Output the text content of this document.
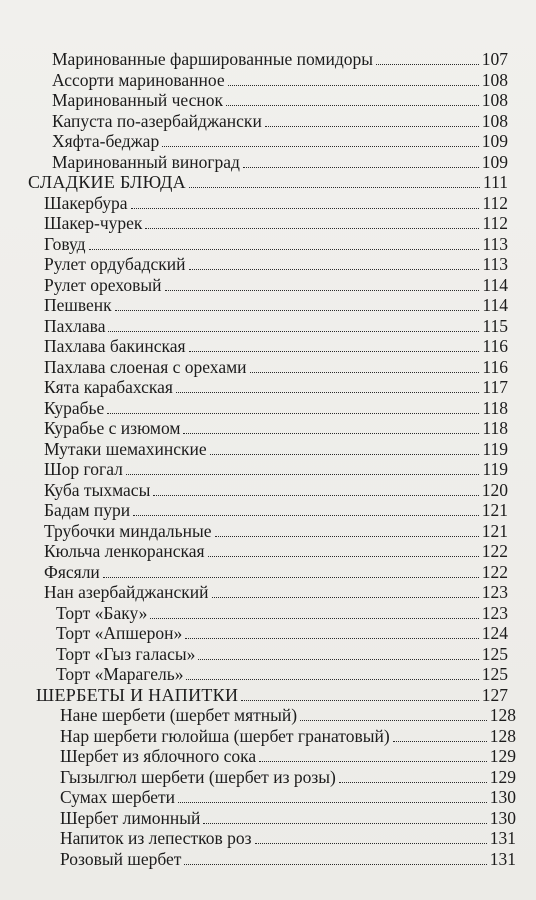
Маринованные фаршированные помидоры	107
Ассорти маринованное	108
Маринованный чеснок	108
Капуста по-азербайджански	108
Хяфта-беджар	109
Маринованный виноград	109
СЛАДКИЕ БЛЮДА	111
Шакербура	112
Шакер-чурек	112
Говуд	113
Рулет ордубадский	113
Рулет ореховый	114
Пешвенк	114
Пахлава	115
Пахлава бакинская	116
Пахлава слоеная с орехами	116
Кята карабахская	117
Курабье	118
Курабье с изюмом	118
Мутаки шемахинские	119
Шор гогал	119
Куба тыхмасы	120
Бадам пури	121
Трубочки миндальные	121
Кюльча ленкоранская	122
Фясяли	122
Нан азербайджанский	123
Торт «Баку»	123
Торт «Апшерон»	124
Торт «Гыз галасы»	125
Торт «Марагель»	125
ШЕРБЕТЫ И НАПИТКИ	127
Нане шербети (шербет мятный)	128
Нар шербети гюлойша (шербет гранатовый)	128
Шербет из яблочного сока	129
Гызылгюл шербети (шербет из розы)	129
Сумах шербети	130
Шербет лимонный	130
Напиток из лепестков роз	131
Розовый шербет	131
